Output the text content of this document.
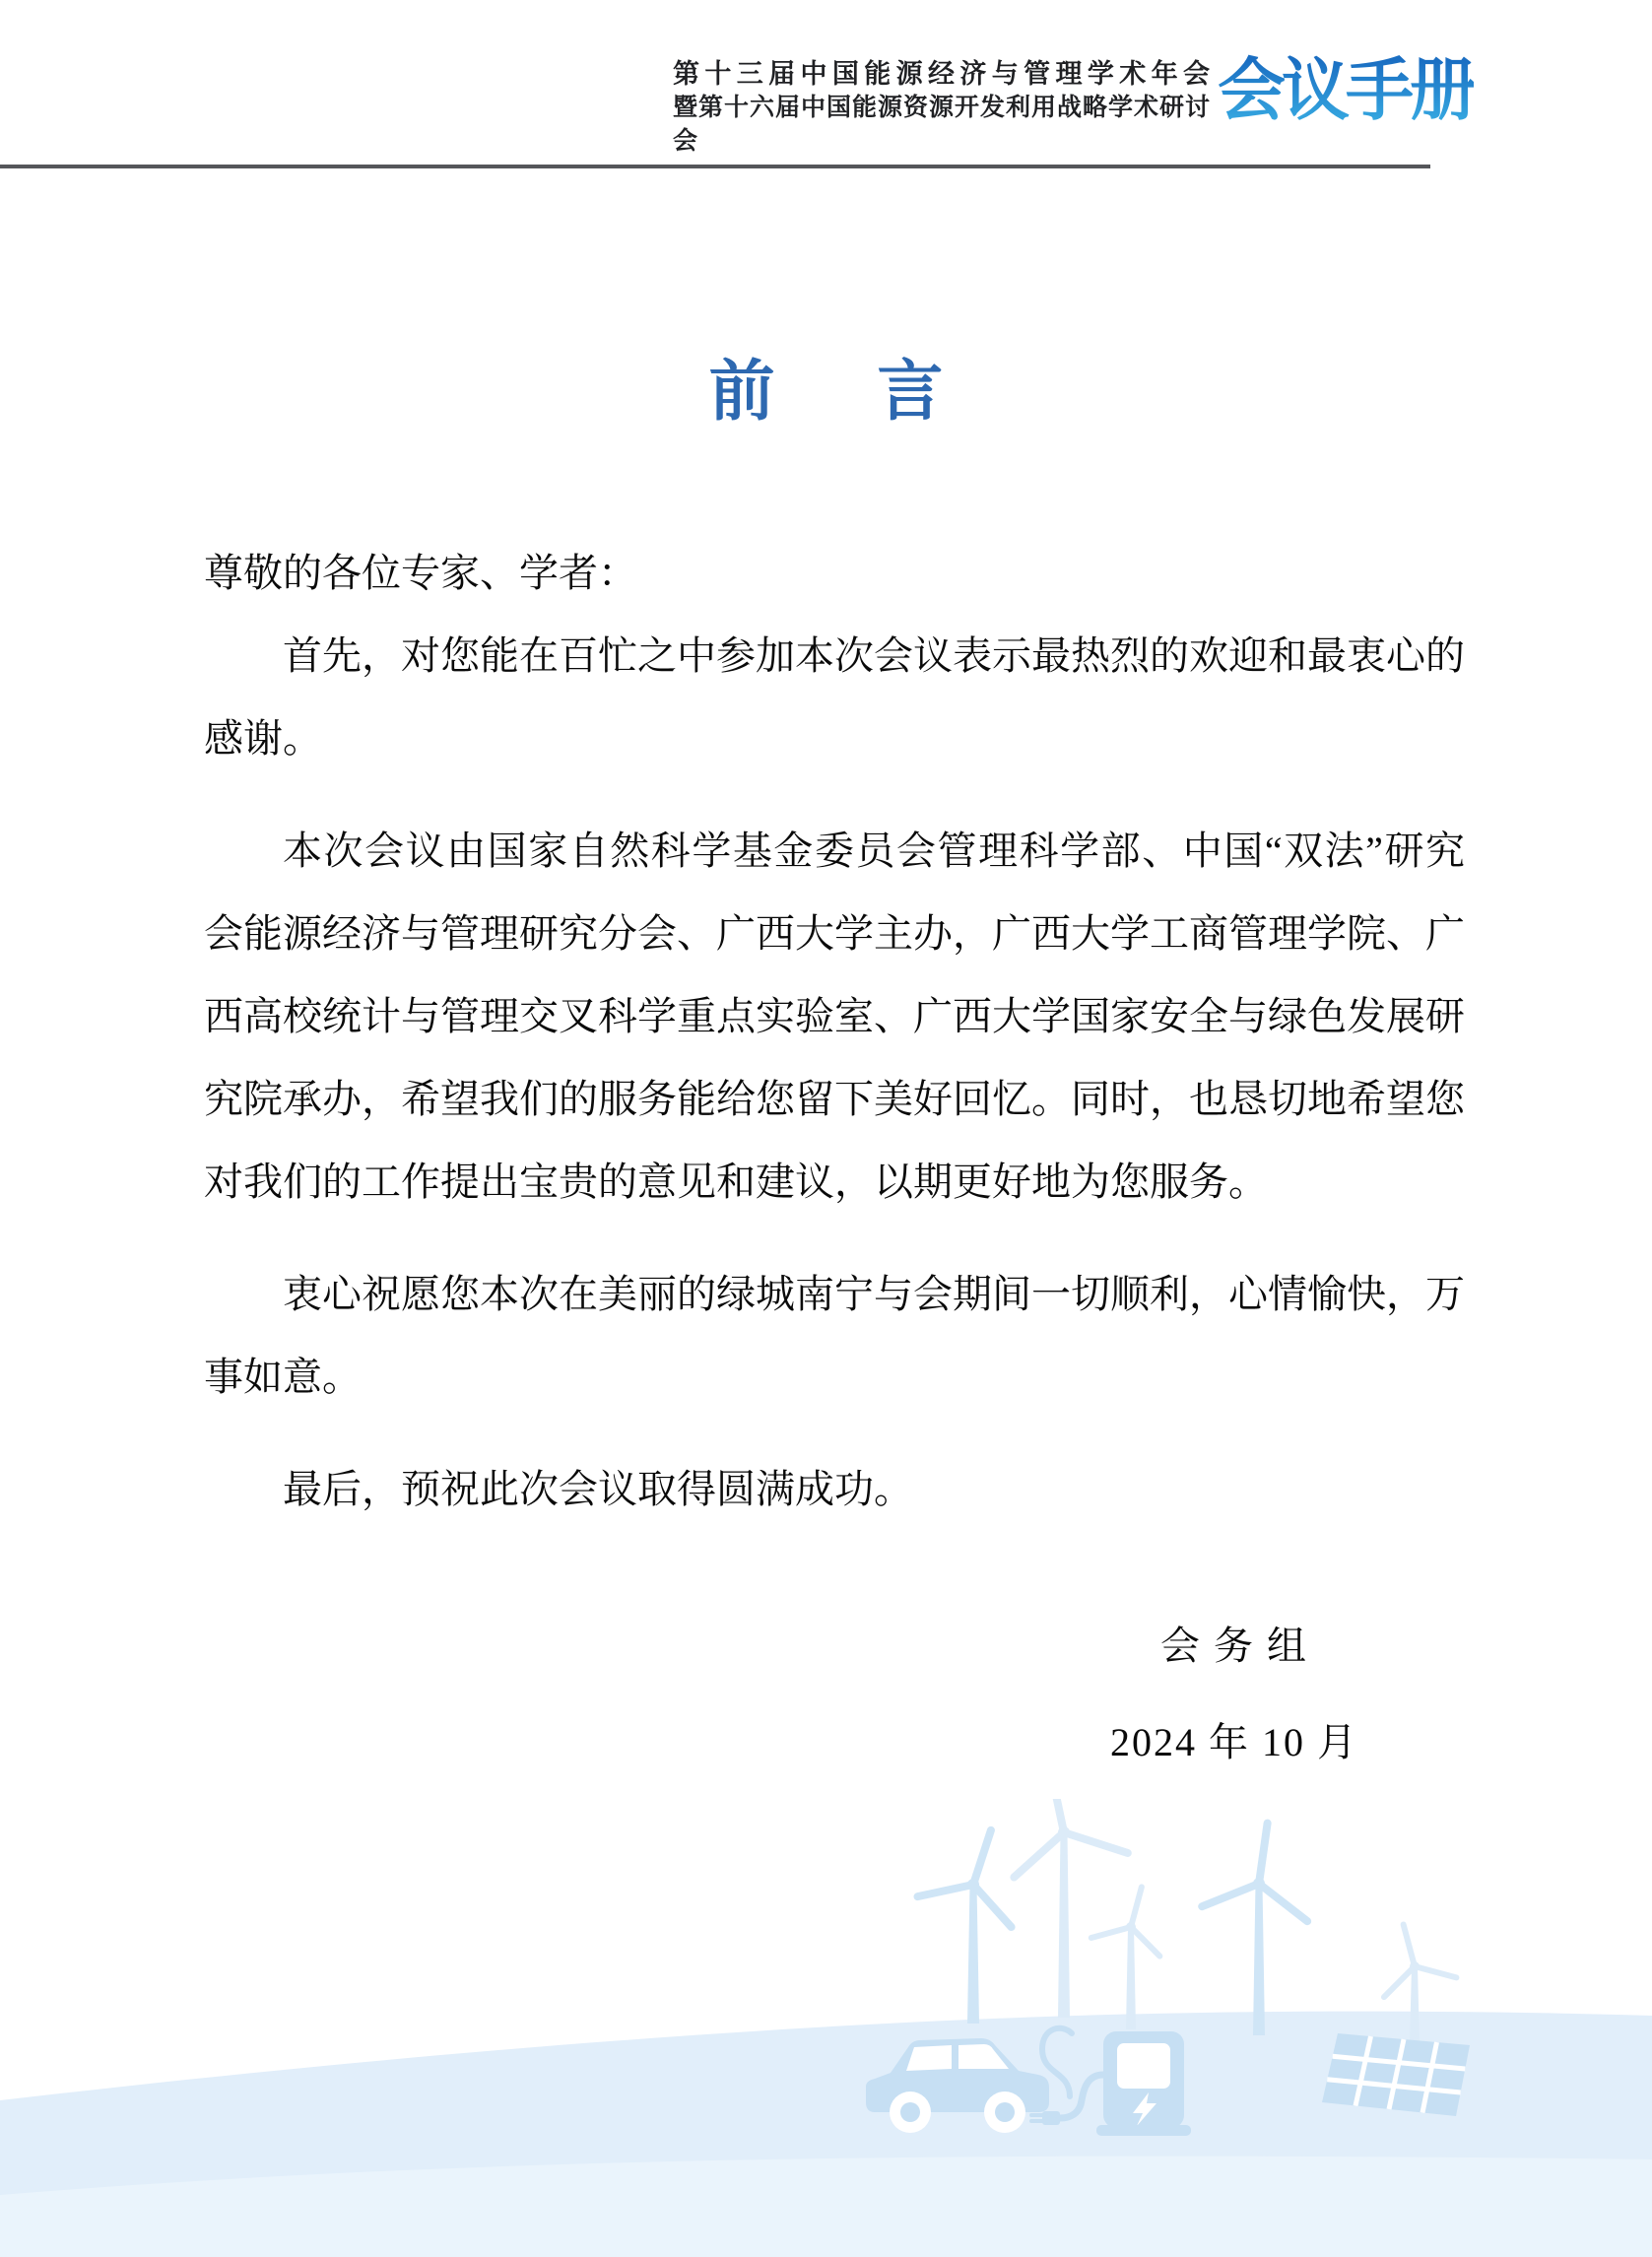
第十三届中国能源经济与管理学术年会
暨第十六届中国能源资源开发利用战略学术研讨会
会议手册
前言
尊敬的各位专家、学者：
首先，对您能在百忙之中参加本次会议表示最热烈的欢迎和最衷心的
感谢。
本次会议由国家自然科学基金委员会管理科学部、中国“双法”研究
会能源经济与管理研究分会、广西大学主办，广西大学工商管理学院、广
西高校统计与管理交叉科学重点实验室、广西大学国家安全与绿色发展研
究院承办，希望我们的服务能给您留下美好回忆。同时，也恳切地希望您
对我们的工作提出宝贵的意见和建议，以期更好地为您服务。
衷心祝愿您本次在美丽的绿城南宁与会期间一切顺利，心情愉快，万
事如意。
最后，预祝此次会议取得圆满成功。
会 务 组
2024 年 10 月
